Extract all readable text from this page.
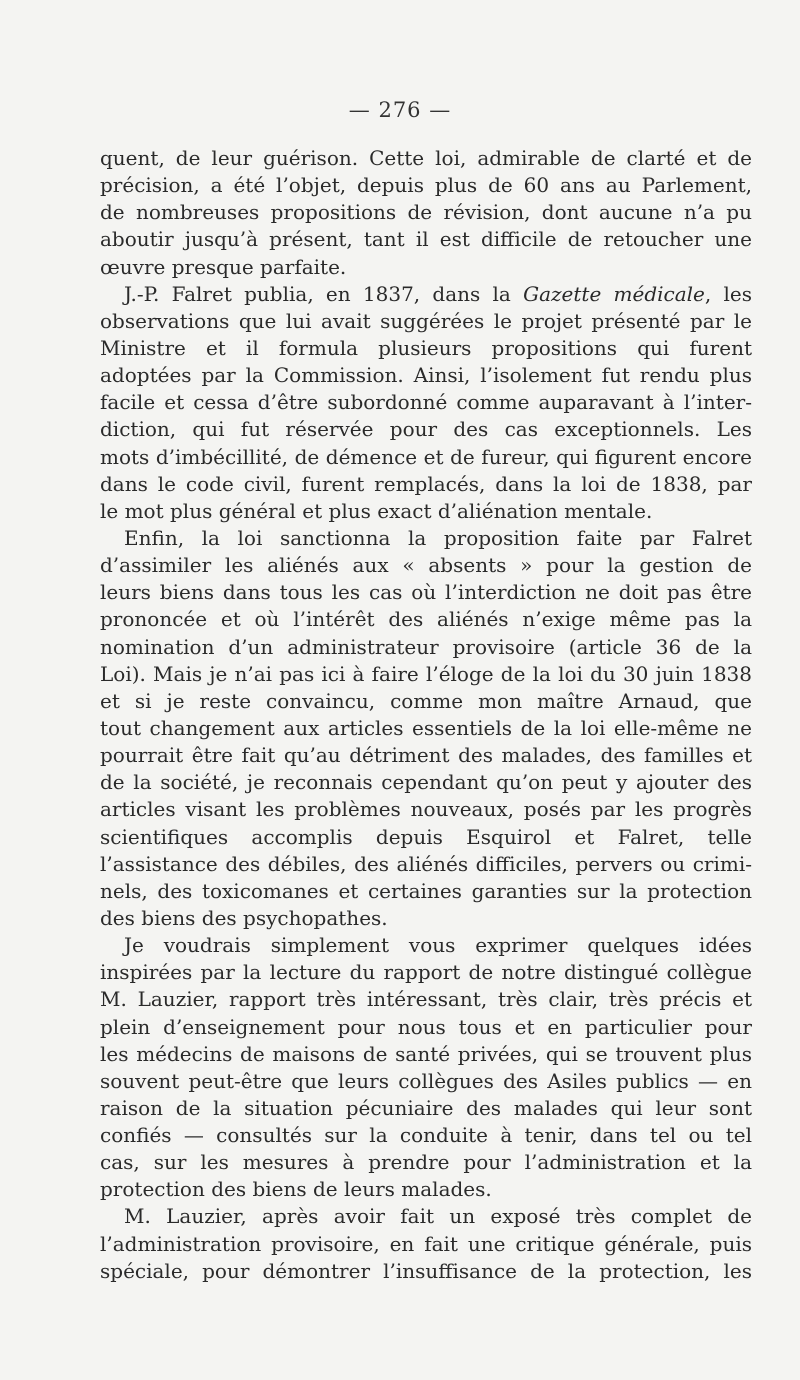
— 276 —
quent, de leur guérison. Cette loi, admirable de clarté et de
précision, a été l’objet, depuis plus de 60 ans au Parlement,
de nombreuses propositions de révision, dont aucune n’a pu
aboutir jusqu’à présent, tant il est difficile de retoucher une
œuvre presque parfaite.
J.-P. Falret publia, en 1837, dans la Gazette médicale, les
observations que lui avait suggérées le projet présenté par le
Ministre et il formula plusieurs propositions qui furent
adoptées par la Commission. Ainsi, l’isolement fut rendu plus
facile et cessa d’être subordonné comme auparavant à l’inter-
diction, qui fut réservée pour des cas exceptionnels. Les
mots d’imbécillité, de démence et de fureur, qui figurent encore
dans le code civil, furent remplacés, dans la loi de 1838, par
le mot plus général et plus exact d’aliénation mentale.
Enfin, la loi sanctionna la proposition faite par Falret
d’assimiler les aliénés aux « absents » pour la gestion de
leurs biens dans tous les cas où l’interdiction ne doit pas être
prononcée et où l’intérêt des aliénés n’exige même pas la
nomination d’un administrateur provisoire (article 36 de la
Loi). Mais je n’ai pas ici à faire l’éloge de la loi du 30 juin 1838
et si je reste convaincu, comme mon maître Arnaud, que
tout changement aux articles essentiels de la loi elle-même ne
pourrait être fait qu’au détriment des malades, des familles et
de la société, je reconnais cependant qu’on peut y ajouter des
articles visant les problèmes nouveaux, posés par les progrès
scientifiques accomplis depuis Esquirol et Falret, telle
l’assistance des débiles, des aliénés difficiles, pervers ou crimi-
nels, des toxicomanes et certaines garanties sur la protection
des biens des psychopathes.
Je voudrais simplement vous exprimer quelques idées
inspirées par la lecture du rapport de notre distingué collègue
M. Lauzier, rapport très intéressant, très clair, très précis et
plein d’enseignement pour nous tous et en particulier pour
les médecins de maisons de santé privées, qui se trouvent plus
souvent peut-être que leurs collègues des Asiles publics — en
raison de la situation pécuniaire des malades qui leur sont
confiés — consultés sur la conduite à tenir, dans tel ou tel
cas, sur les mesures à prendre pour l’administration et la
protection des biens de leurs malades.
M. Lauzier, après avoir fait un exposé très complet de
l’administration provisoire, en fait une critique générale, puis
spéciale, pour démontrer l’insuffisance de la protection, les
